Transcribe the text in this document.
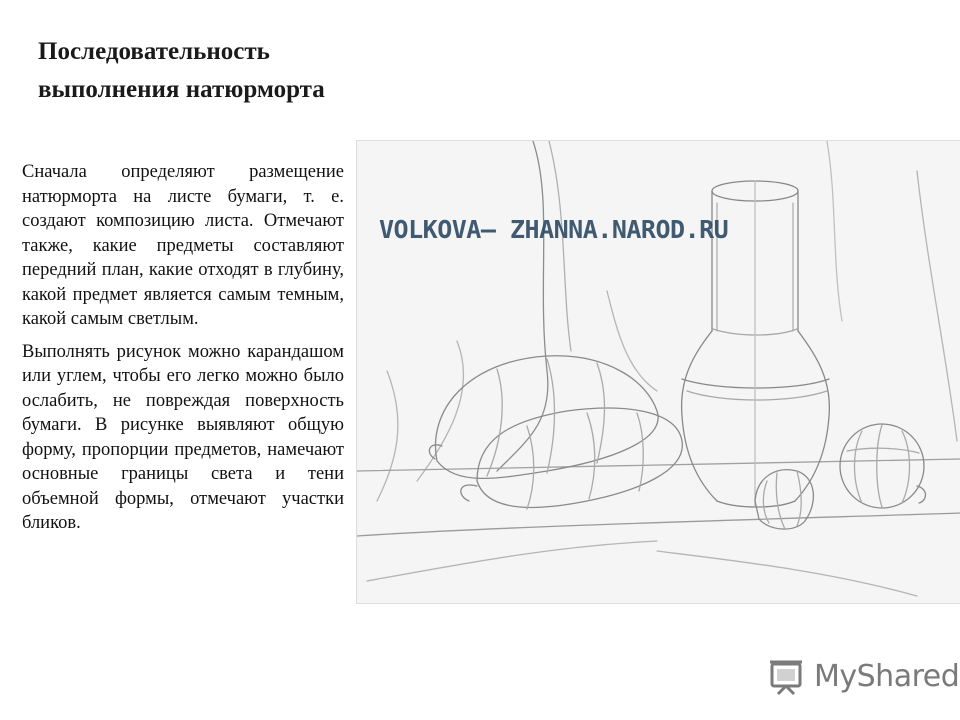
Последовательность выполнения натюрморта

Сначала определяют размещение натюрморта на листе бумаги, т. е. создают композицию листа. Отмечают также, какие предметы составляют передний план, какие отходят в глубину, какой предмет является самым темным, какой самым светлым.

Выполнять рисунок можно карандашом или углем, чтобы его легко можно было ослабить, не повреждая поверхность бумаги. В рисунке выявляют общую форму, пропорции предметов, намечают основные границы света и тени объемной формы, отмечают участки бликов.

VOLKOVA— ZHANNA.NAROD.RU
MyShared
